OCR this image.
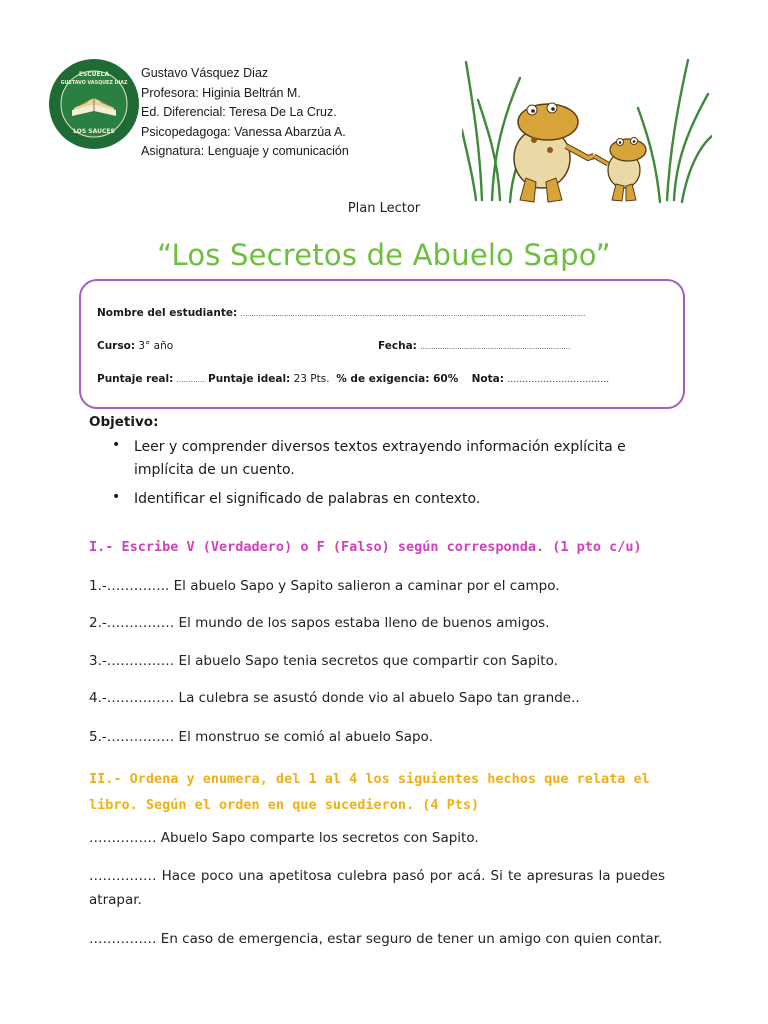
ESCUELA
GUSTAVO VASQUEZ DIAZ
LOS SAUCES
Gustavo Vásquez Diaz
Profesora: Higinia Beltrán M.
Ed. Diferencial: Teresa De La Cruz.
Psicopedagoga: Vanessa Abarzúa A.
Asignatura: Lenguaje y comunicación
Plan Lector
“Los Secretos de Abuelo Sapo”
Nombre del estudiante: ……………………………………………………………………………………………………………………………………………
Curso: 3° año	Fecha: ……………………………………………………………
Puntaje real: ………… Puntaje ideal: 23 Pts. % de exigencia: 60% Nota: …………………………….
Objetivo:
• Leer y comprender diversos textos extrayendo información explícita e implícita de un cuento.
• Identificar el significado de palabras en contexto.
I.- Escribe V (Verdadero) o F (Falso) según corresponda. (1 pto c/u)
1.-………….. El abuelo Sapo y Sapito salieron a caminar por el campo.
2.-…………… El mundo de los sapos estaba lleno de buenos amigos.
3.-…………… El abuelo Sapo tenia secretos que compartir con Sapito.
4.-…………… La culebra se asustó donde vio al abuelo Sapo tan grande..
5.-…………… El monstruo se comió al abuelo Sapo.
II.- Ordena y enumera, del 1 al 4 los siguientes hechos que relata el libro. Según el orden en que sucedieron. (4 Pts)
…………… Abuelo Sapo comparte los secretos con Sapito.
…………… Hace poco una apetitosa culebra pasó por acá. Si te apresuras la puedes atrapar.
…………… En caso de emergencia, estar seguro de tener un amigo con quien contar.
